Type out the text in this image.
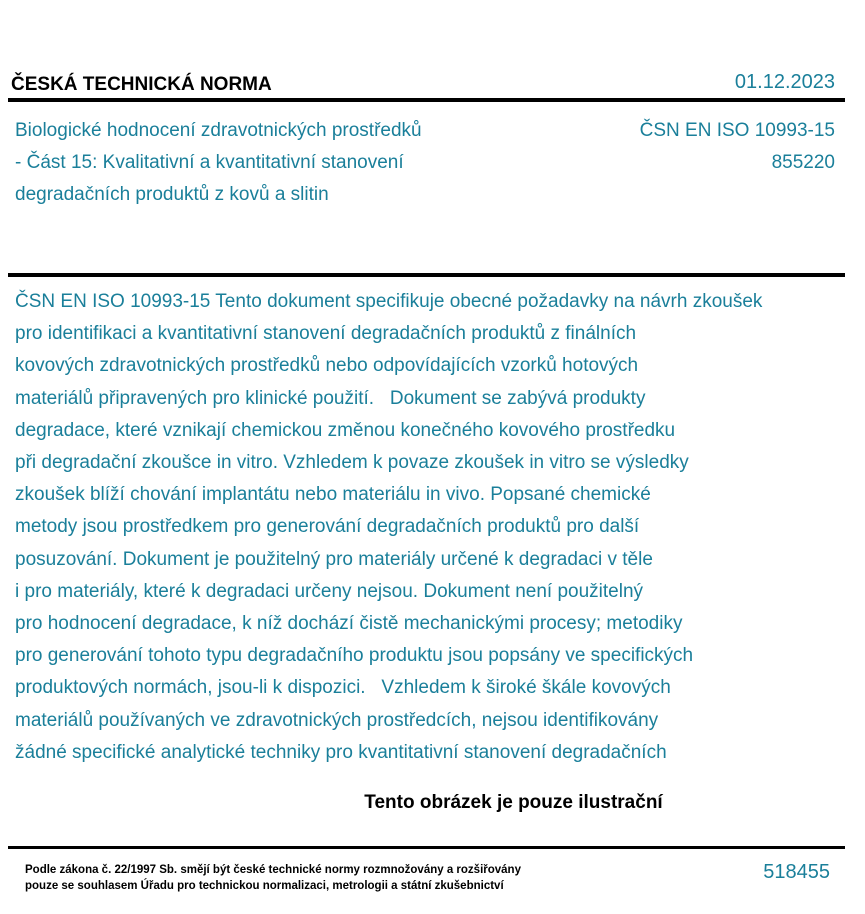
ČESKÁ TECHNICKÁ NORMA	01.12.2023
Biologické hodnocení zdravotnických prostředků
- Část 15: Kvalitativní a kvantitativní stanovení
degradačních produktů z kovů a slitin
ČSN EN ISO 10993-15
855220
ČSN EN ISO 10993-15 Tento dokument specifikuje obecné požadavky na návrh zkoušek
pro identifikaci a kvantitativní stanovení degradačních produktů z finálních
kovových zdravotnických prostředků nebo odpovídajících vzorků hotových
materiálů připravených pro klinické použití.   Dokument se zabývá produkty
degradace, které vznikají chemickou změnou konečného kovového prostředku
při degradační zkoušce in vitro. Vzhledem k povaze zkoušek in vitro se výsledky
zkoušek blíží chování implantátu nebo materiálu in vivo. Popsané chemické
metody jsou prostředkem pro generování degradačních produktů pro další
posuzování. Dokument je použitelný pro materiály určené k degradaci v těle
i pro materiály, které k degradaci určeny nejsou. Dokument není použitelný
pro hodnocení degradace, k níž dochází čistě mechanickými procesy; metodiky
pro generování tohoto typu degradačního produktu jsou popsány ve specifických
produktových normách, jsou-li k dispozici.   Vzhledem k široké škále kovových
materiálů používaných ve zdravotnických prostředcích, nejsou identifikovány
žádné specifické analytické techniky pro kvantitativní stanovení degradačních
Tento obrázek je pouze ilustrační
Podle zákona č. 22/1997 Sb. smějí být české technické normy rozmnožovány a rozšiřovány
pouze se souhlasem Úřadu pro technickou normalizaci, metrologii a státní zkušebnictví
518455
